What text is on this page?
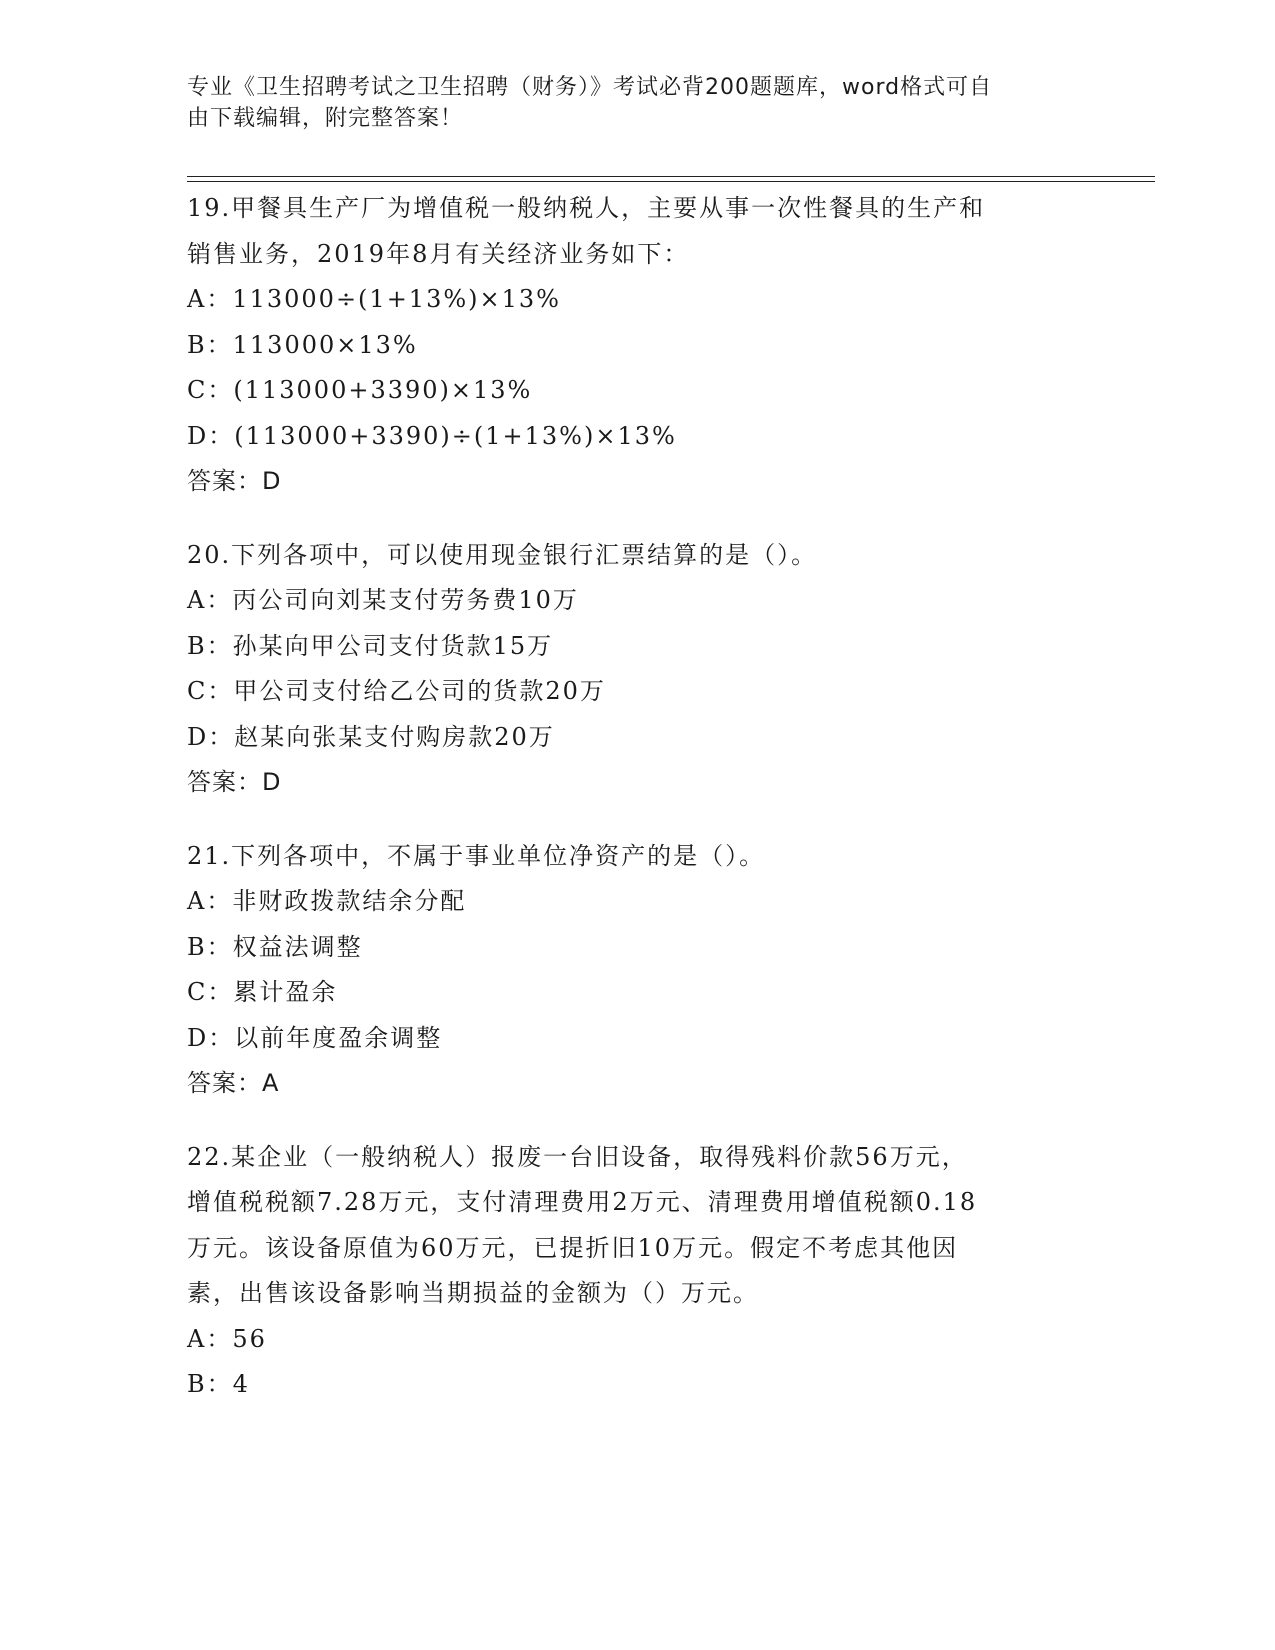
专业《卫生招聘考试之卫生招聘（财务）》考试必背200题题库，word格式可自
由下载编辑，附完整答案！
19.甲餐具生产厂为增值税一般纳税人，主要从事一次性餐具的生产和
销售业务，2019年8月有关经济业务如下：
A：113000÷(1+13%)×13%
B：113000×13%
C：(113000+3390)×13%
D：(113000+3390)÷(1+13%)×13%
答案：D
20.下列各项中，可以使用现金银行汇票结算的是（）。
A：丙公司向刘某支付劳务费10万
B：孙某向甲公司支付货款15万
C：甲公司支付给乙公司的货款20万
D：赵某向张某支付购房款20万
答案：D
21.下列各项中，不属于事业单位净资产的是（）。
A：非财政拨款结余分配
B：权益法调整
C：累计盈余
D：以前年度盈余调整
答案：A
22.某企业（一般纳税人）报废一台旧设备，取得残料价款56万元，
增值税税额7.28万元，支付清理费用2万元、清理费用增值税额0.18
万元。该设备原值为60万元，已提折旧10万元。假定不考虑其他因
素，出售该设备影响当期损益的金额为（）万元。
A：56
B：4
